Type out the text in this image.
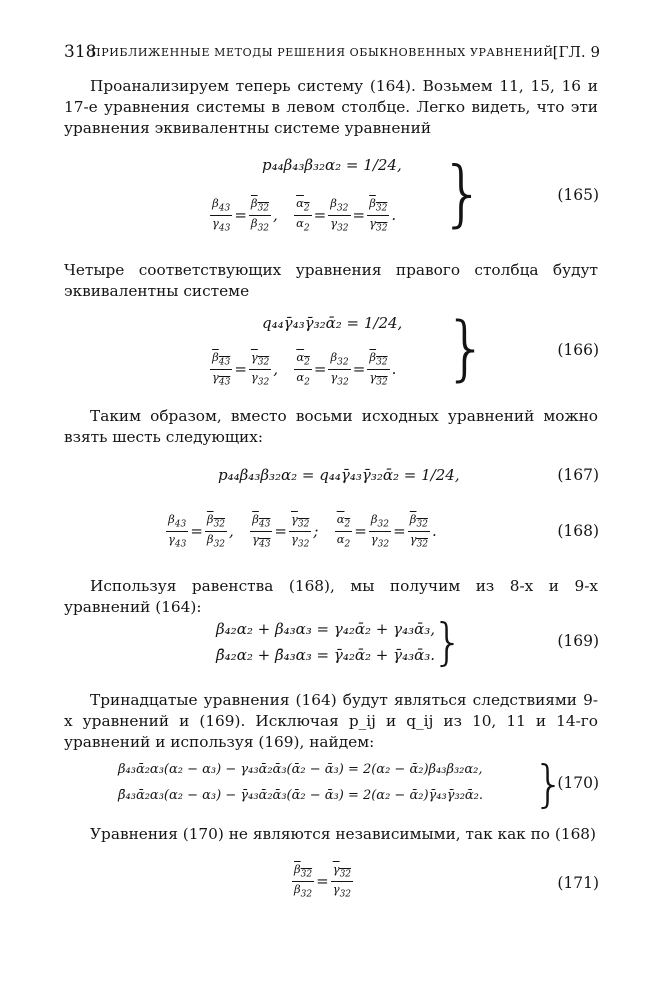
318
ПРИБЛИЖЕННЫЕ МЕТОДЫ РЕШЕНИЯ ОБЫКНОВЕННЫХ УРАВНЕНИЙ [ГЛ. 9

Проанализируем теперь систему (164). Возьмем 11, 15, 16 и 17-е уравнения системы в левом столбце. Легко видеть, что эти уравнения эквивалентны системе уравнений

p₄₄β₄₃β₃₂α₂ = 1/24,
$\frac{\beta_{43}}{\gamma_{43}} = \frac{\beta_{32}}{\beta_{32}}$ , $\frac{\alpha_2}{\alpha_2} = \frac{\beta_{32}}{\gamma_{32}} = \frac{\beta_{32}}{\gamma_{32}}$ . }	(165)

Четыре соответствующих уравнения правого столбца будут эквивалентны системе

q₄₄γ̄₄₃γ̄₃₂ᾱ₂ = 1/24,
$\frac{\beta_{43}}{\gamma_{43}} = \frac{\gamma_{32}}{\gamma_{32}}$ , $\frac{\alpha_2}{\alpha_2} = \frac{\beta_{32}}{\gamma_{32}} = \frac{\beta_{32}}{\gamma_{32}}$ . }	(166)

Таким образом, вместо восьми исходных уравнений можно взять шесть следующих:

p₄₄β₄₃β₃₂α₂ = q₄₄γ̄₄₃γ̄₃₂ᾱ₂ = 1/24,	(167)
$\frac{\beta_{43}}{\gamma_{43}} = \frac{\beta_{32}}{\beta_{32}}$ , $\frac{\beta_{43}}{\gamma_{43}} = \frac{\gamma_{32}}{\gamma_{32}}$ ; $\frac{\alpha_2}{\alpha_2} = \frac{\beta_{32}}{\gamma_{32}} = \frac{\beta_{32}}{\gamma_{32}}$ .	(168)

Используя равенства (168), мы получим из 8-х и 9-х уравнений (164):

β₄₂α₂ + β₄₃α₃ = γ₄₂ᾱ₂ + γ₄₃ᾱ₃,
β̄₄₂α₂ + β̄₄₃α₃ = γ̄₄₂ᾱ₂ + γ̄₄₃ᾱ₃.
}	(169)

Тринадцатые уравнения (164) будут являться следствиями 9-х уравнений и (169). Исключая p_ij и q_ij из 10, 11 и 14-го уравнений и используя (169), найдем:

β₄₃ᾱ₂α₃(α₂ − α₃) − γ₄₃ᾱ₂ᾱ₃(ᾱ₂ − ᾱ₃) = 2(α₂ − ᾱ₂)β₄₃β₃₂α₂,
β̄₄₃ᾱ₂α₃(α₂ − α₃) − γ̄₄₃ᾱ₂ᾱ₃(ᾱ₂ − ᾱ₃) = 2(α₂ − ᾱ₂)γ̄₄₃γ̄₃₂ᾱ₂. }
(170)

Уравнения (170) не являются независимыми, так как по (168)

$\frac{\beta_{32}}{\beta_{32}} = \frac{\gamma_{32}}{\gamma_{32}}$	(171)
